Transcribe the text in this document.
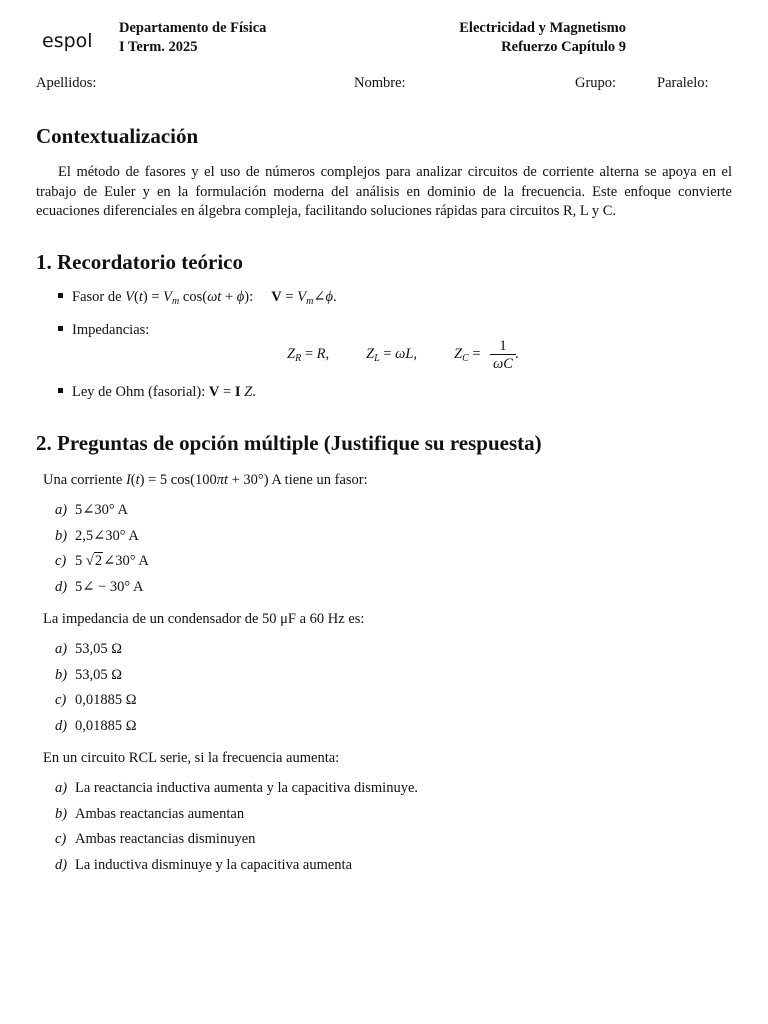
espol
Departamento de Física
I Term. 2025
Electricidad y Magnetismo
Refuerzo Capítulo 9
Apellidos:	Nombre:	Grupo:	Paralelo:
Contextualización

El método de fasores y el uso de números complejos para analizar circuitos de corriente alterna se apoya en el trabajo de Euler y en la formulación moderna del análisis en dominio de la frecuencia. Este enfoque convierte ecuaciones diferenciales en álgebra compleja, facilitando soluciones rápidas para circuitos R, L y C.

1. Recordatorio teórico
Fasor de $V(t) = V_m$ cos(ωt + ϕ):     $V = V_m\angle\phi$.
Impedancias:
$Z_R = R$,	$Z_L = \omega L$,	$Z_C = \frac{1}{\omega C}$ .
Ley de Ohm (fasorial): V = I Z.
2. Preguntas de opción múltiple (Justifique su respuesta)
Una corriente I(t) = 5 cos(100πt + 30°) A tiene un fasor:
a) 5∠30° A
b) 2,5∠30° A
c) 5 √2∠30° A
d) 5∠ − 30° A
La impedancia de un condensador de 50 μF a 60 Hz es:
a) 53,05 Ω
b) 53,05 Ω
c) 0,01885 Ω
d) 0,01885 Ω
En un circuito RCL serie, si la frecuencia aumenta:
a) La reactancia inductiva aumenta y la capacitiva disminuye.
b) Ambas reactancias aumentan
c) Ambas reactancias disminuyen
d) La inductiva disminuye y la capacitiva aumenta
